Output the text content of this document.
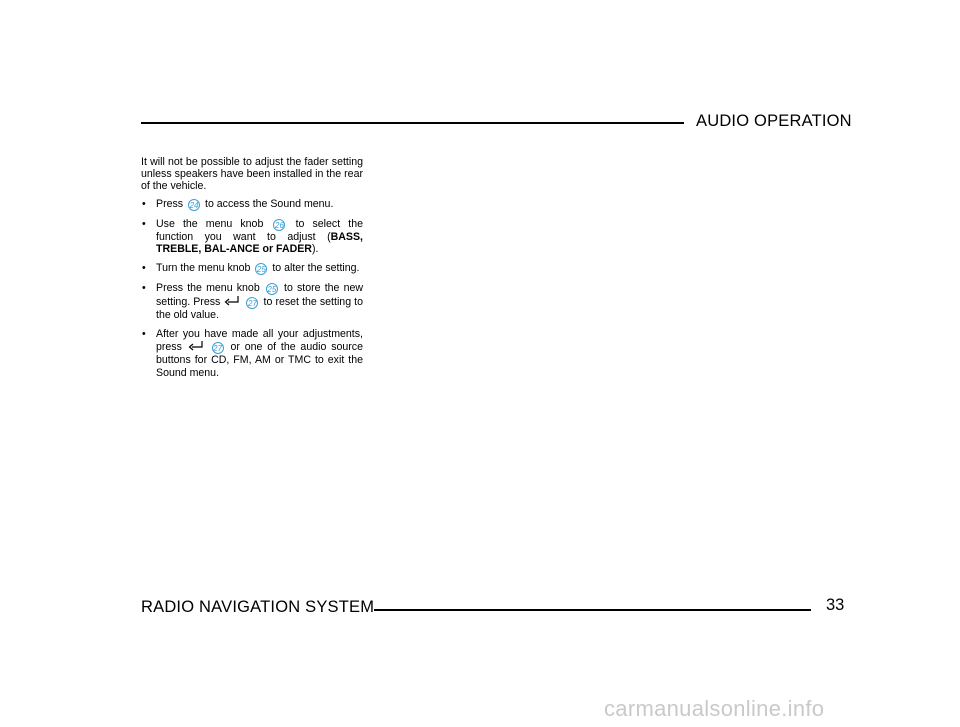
AUDIO OPERATION

It will not be possible to adjust the fader setting unless speakers have been installed in the rear of the vehicle.

• Press 24 to access the Sound menu.
• Use the menu knob 26 to select the function you want to adjust (BASS, TREBLE, BAL-ANCE or FADER).
• Turn the menu knob 25 to alter the setting.
• Press the menu knob 25 to store the new setting. Press	27 to reset the setting to the old value.
• After you have made all your adjustments, press	27 or one of the audio source buttons for CD, FM, AM or TMC to exit the Sound menu.
RADIO NAVIGATION SYSTEM	33
carmanualsonline.info
